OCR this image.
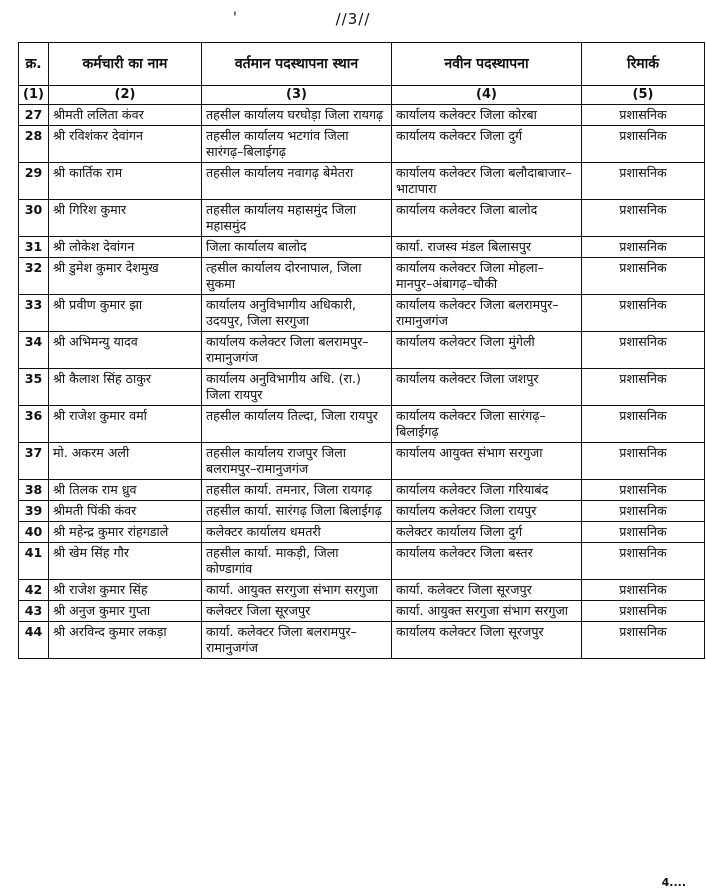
//3//
'
क्र.	कर्मचारी का नाम	वर्तमान पदस्थापना स्थान	नवीन पदस्थापना	रिमार्क
(1)	(2)	(3)	(4)	(5)
27	श्रीमती ललिता कंवर	तहसील कार्यालय घरघोड़ा जिला रायगढ़	कार्यालय कलेक्टर जिला कोरबा	प्रशासनिक
28	श्री रविशंकर देवांगन	तहसील कार्यालय भटगांव जिला सारंगढ़–बिलाईगढ़	कार्यालय कलेक्टर जिला दुर्ग	प्रशासनिक
29	श्री कार्तिक राम	तहसील कार्यालय नवागढ़ बेमेतरा	कार्यालय कलेक्टर जिला बलौदाबाजार–भाटापारा	प्रशासनिक
30	श्री गिरिश कुमार	तहसील कार्यालय महासमुंद जिला महासमुंद	कार्यालय कलेक्टर जिला बालोद	प्रशासनिक
31	श्री लोकेश देवांगन	जिला कार्यालय बालोद	कार्या. राजस्व मंडल बिलासपुर	प्रशासनिक
32	श्री डुमेश कुमार देशमुख	त्हसील कार्यालय दोरनापाल, जिला सुकमा	कार्यालय कलेक्टर जिला मोहला–मानपुर–अंबागढ़–चौकी	प्रशासनिक
33	श्री प्रवीण कुमार झा	कार्यालय अनुविभागीय अधिकारी, उदयपुर, जिला सरगुजा	कार्यालय कलेक्टर जिला बलरामपुर–रामानुजगंज	प्रशासनिक
34	श्री अभिमन्यु यादव	कार्यालय कलेक्टर जिला बलरामपुर–रामानुजगंज	कार्यालय कलेक्टर जिला मुंगेली	प्रशासनिक
35	श्री कैलाश सिंह ठाकुर	कार्यालय अनुविभागीय अधि. (रा.) जिला रायपुर	कार्यालय कलेक्टर जिला जशपुर	प्रशासनिक
36	श्री राजेश कुमार वर्मा	तहसील कार्यालय तिल्दा, जिला रायपुर	कार्यालय कलेक्टर जिला सारंगढ़–बिलाईगढ़	प्रशासनिक
37	मो. अकरम अली	तहसील कार्यालय राजपुर जिला बलरामपुर–रामानुजगंज	कार्यालय आयुक्त संभाग सरगुजा	प्रशासनिक
38	श्री तिलक राम ध्रुव	तहसील कार्या. तमनार, जिला रायगढ़	कार्यालय कलेक्टर जिला गरियाबंद	प्रशासनिक
39	श्रीमती पिंकी कंवर	तहसील कार्या. सारंगढ़ जिला बिलाईगढ़	कार्यालय कलेक्टर जिला रायपुर	प्रशासनिक
40	श्री महेन्द्र कुमार रांहगडाले	कलेक्टर कार्यालय धमतरी	कलेक्टर कार्यालय जिला दुर्ग	प्रशासनिक
41	श्री खेम सिंह गौर	तहसील कार्या. माकड़ी, जिला कोण्डागांव	कार्यालय कलेक्टर जिला बस्तर	प्रशासनिक
42	श्री राजेश कुमार सिंह	कार्या. आयुक्त सरगुजा संभाग सरगुजा	कार्या. कलेक्टर जिला सूरजपुर	प्रशासनिक
43	श्री अनुज कुमार गुप्ता	कलेक्टर जिला सूरजपुर	कार्या. आयुक्त सरगुजा संभाग सरगुजा	प्रशासनिक
44	श्री अरविन्द कुमार लकड़ा	कार्या. कलेक्टर जिला बलरामपुर–रामानुजगंज	कार्यालय कलेक्टर जिला सूरजपुर	प्रशासनिक
4....
